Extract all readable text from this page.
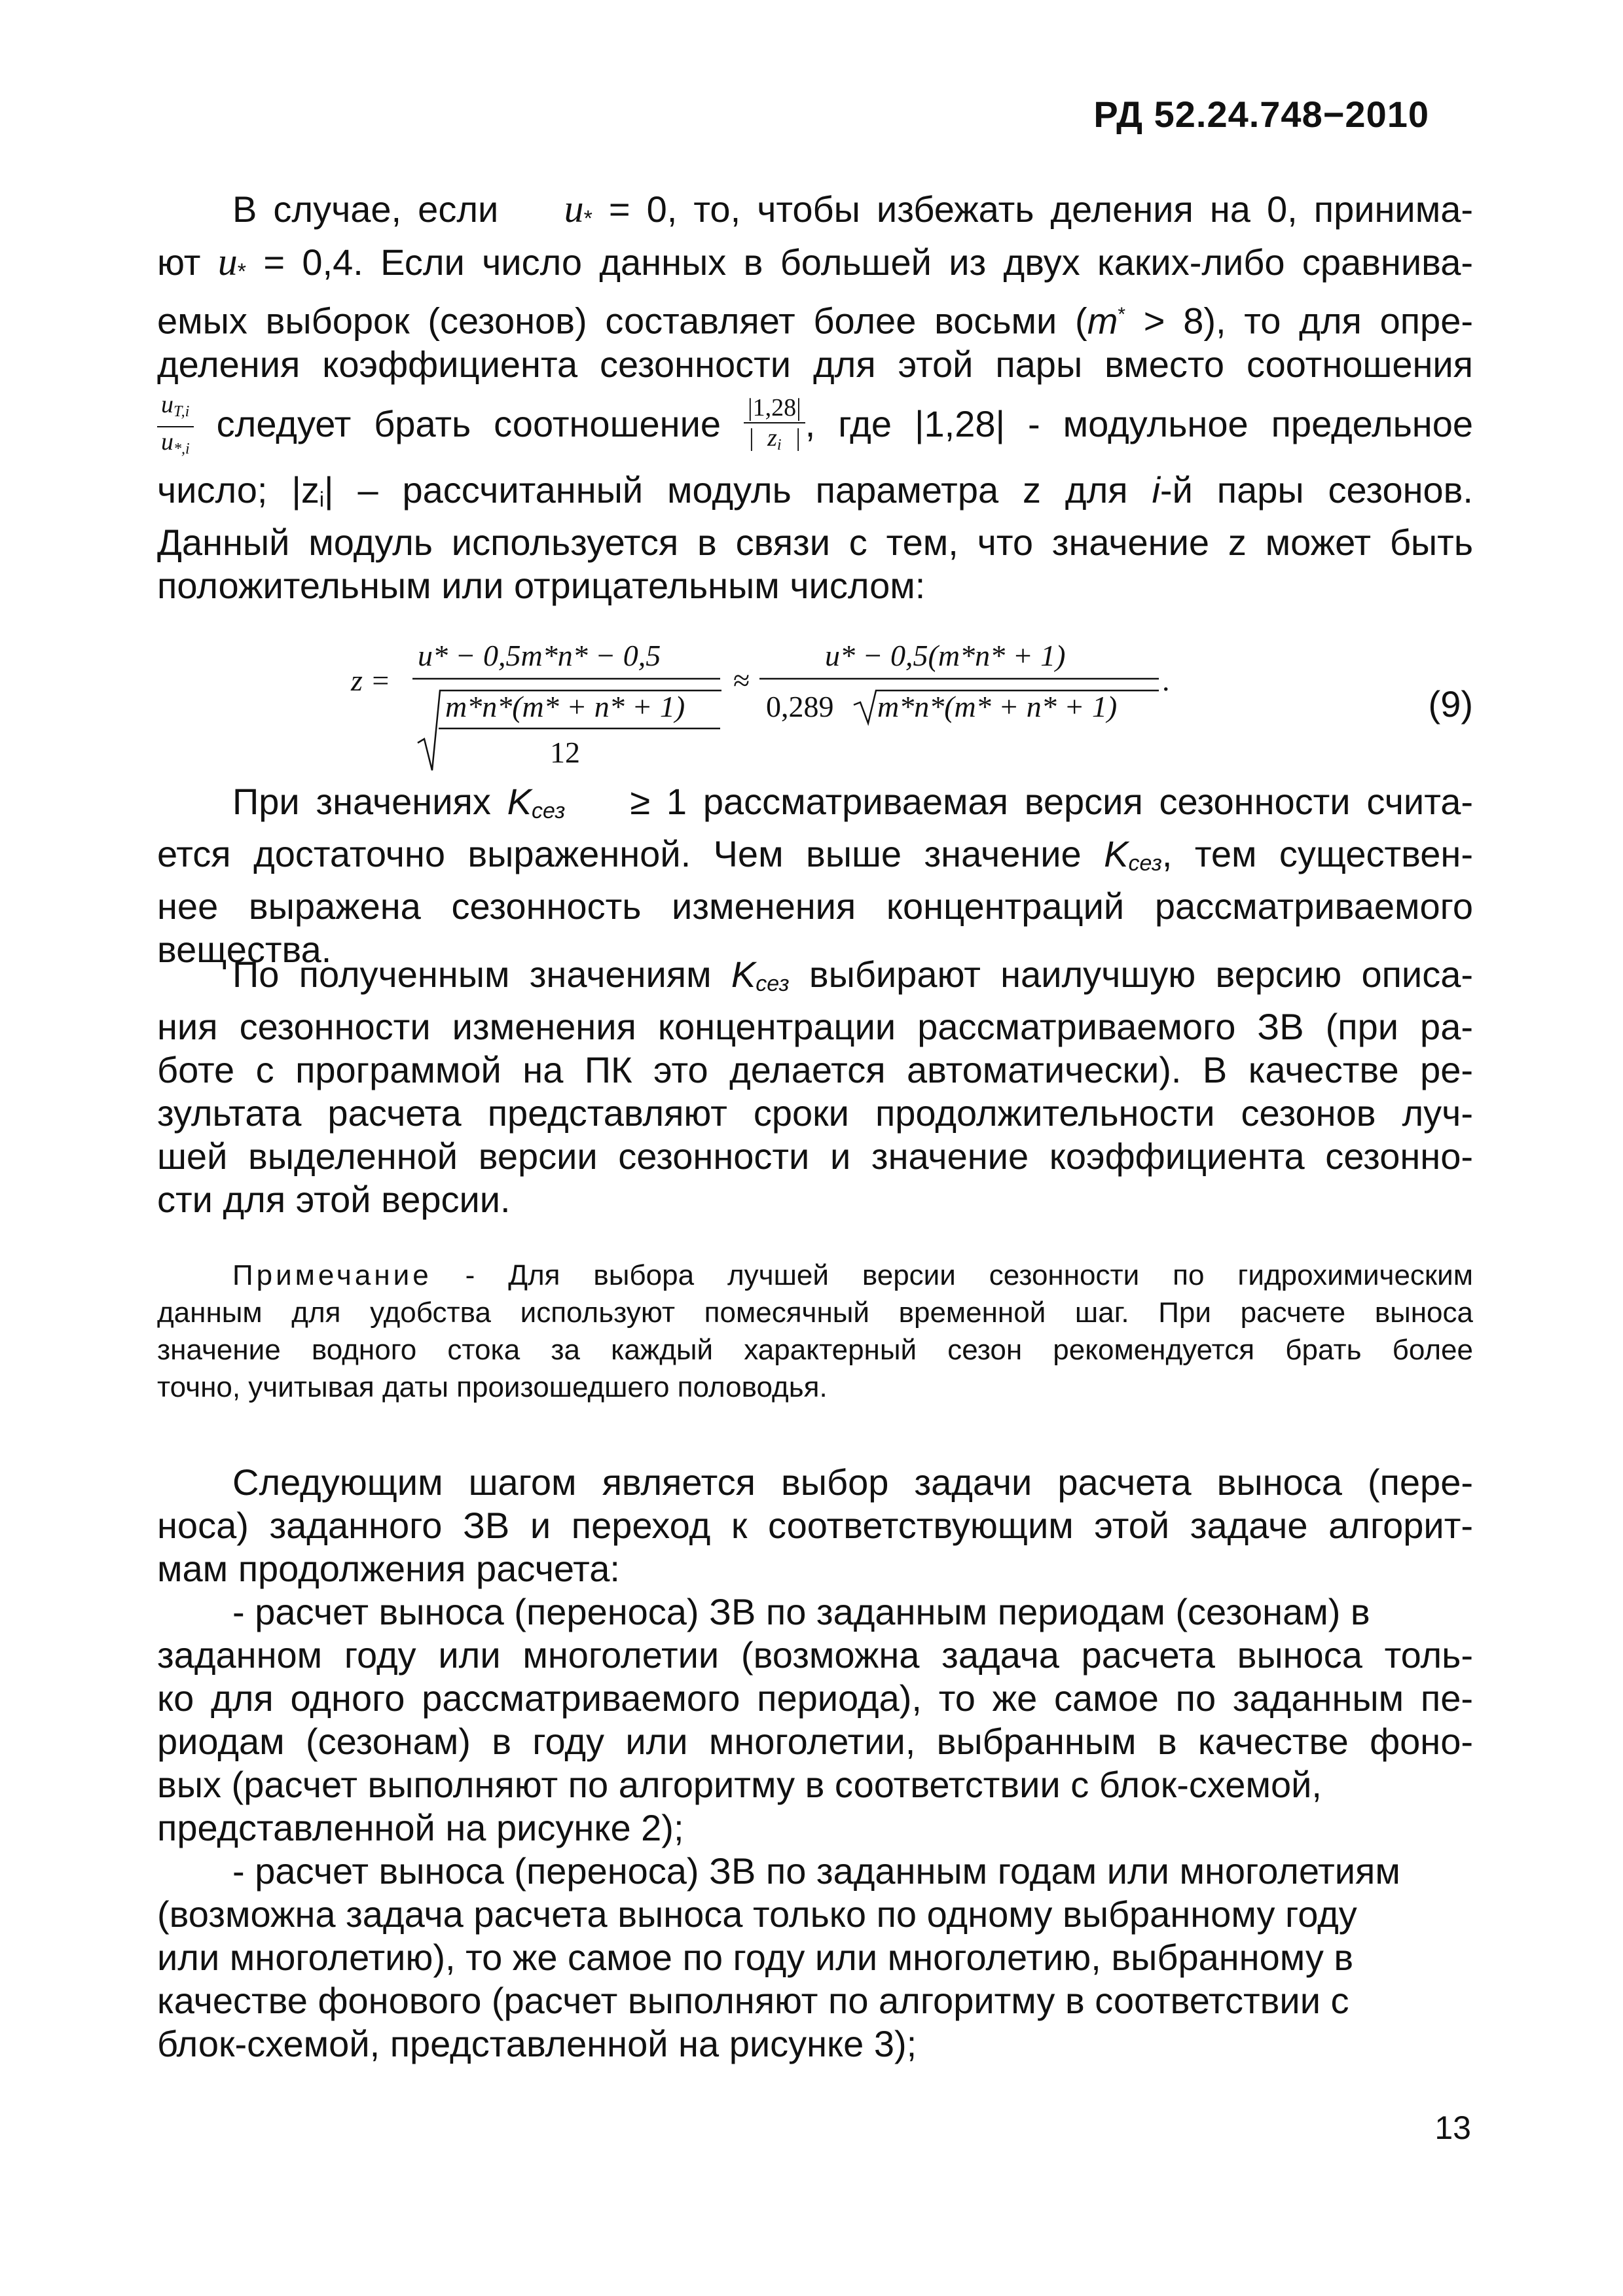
РД 52.24.748−2010
В случае, если u* = 0, то, чтобы избежать деления на 0, принима-
ют u* = 0,4. Если число данных в большей из двух каких-либо сравнива-
емых выборок (сезонов) составляет более восьми (m* > 8), то для опре-
деления коэффициента сезонности для этой пары вместо соотношения
$\frac{u_{T,i}}{u_{*,i}}$ следует брать соотношение $\frac{|1,28|}{| z_i |}$ , где |1,28| - модульное предельное
число; |zi| – рассчитанный модуль параметра z для i-й пары сезонов.
Данный модуль используется в связи с тем, что значение z может быть
положительным или отрицательным числом:
z =
u* − 0,5m*n* − 0,5
m*n*(m* + n* + 1)
12
≈
u* − 0,5(m*n* + 1)
0,289 m*n*(m* + n* + 1)
.
(9)
При значениях Kсез ≥ 1 рассматриваемая версия сезонности счита-
ется достаточно выраженной. Чем выше значение Kсез, тем существен-
нее выражена сезонность изменения концентраций рассматриваемого
вещества.
По полученным значениям Kсез выбирают наилучшую версию описа-
ния сезонности изменения концентрации рассматриваемого ЗВ (при ра-
боте с программой на ПК это делается автоматически). В качестве ре-
зультата расчета представляют сроки продолжительности сезонов луч-
шей выделенной версии сезонности и значение коэффициента сезонно-
сти для этой версии.
Примечание - Для выбора лучшей версии сезонности по гидрохимическим
данным для удобства используют помесячный временной шаг. При расчете выноса
значение водного стока за каждый характерный сезон рекомендуется брать более
точно, учитывая даты произошедшего половодья.
Следующим шагом является выбор задачи расчета выноса (пере-
носа) заданного ЗВ и переход к соответствующим этой задаче алгорит-
мам продолжения расчета:
- расчет выноса (переноса) ЗВ по заданным периодам (сезонам) в
заданном году или многолетии (возможна задача расчета выноса толь-
ко для одного рассматриваемого периода), то же самое по заданным пе-
риодам (сезонам) в году или многолетии, выбранным в качестве фоно-
вых (расчет выполняют по алгоритму в соответствии с блок-схемой,
представленной на рисунке 2);
- расчет выноса (переноса) ЗВ по заданным годам или многолетиям
(возможна задача расчета выноса только по одному выбранному году
или многолетию), то же самое по году или многолетию, выбранному в
качестве фонового (расчет выполняют по алгоритму в соответствии с
блок-схемой, представленной на рисунке 3);
13
